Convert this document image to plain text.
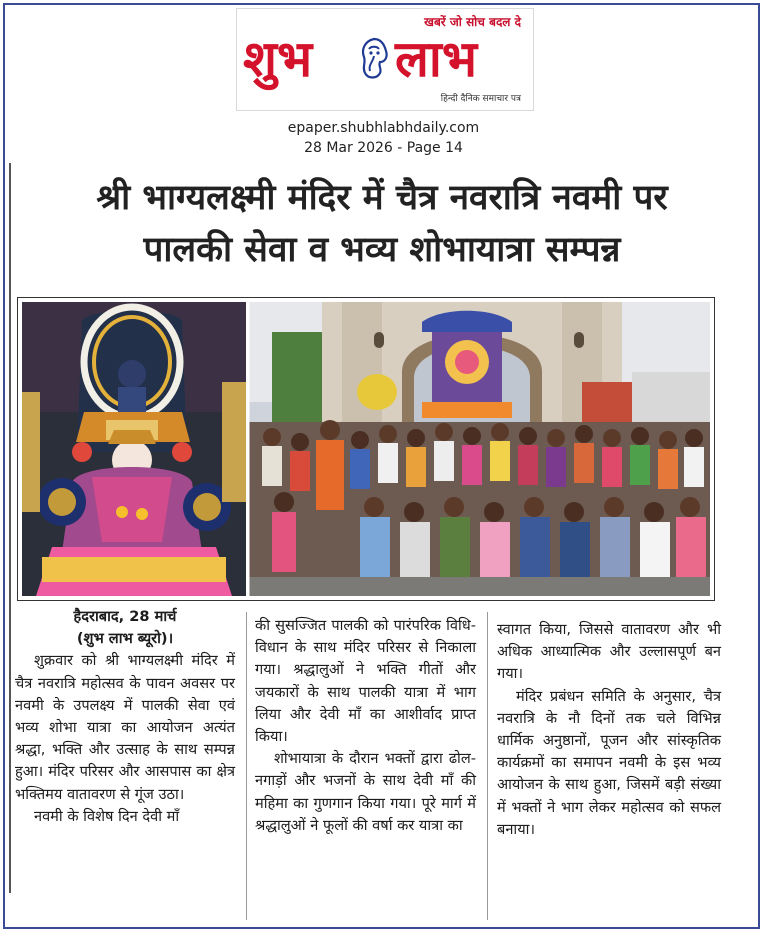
खबरें जो सोच बदल दे
शुभ लाभ
हिन्दी दैनिक समाचार पत्र
epaper.shubhlabhdaily.com
28 Mar 2026 - Page 14
श्री भाग्यलक्ष्मी मंदिर में चैत्र नवरात्रि नवमी पर
पालकी सेवा व भव्य शोभायात्रा सम्पन्न

हैदराबाद, 28 मार्च

(शुभ लाभ ब्यूरो)।

शुक्रवार को श्री भाग्यलक्ष्मी मंदिर में चैत्र नवरात्रि महोत्सव के पावन अवसर पर नवमी के उपलक्ष्य में पालकी सेवा एवं भव्य शोभा यात्रा का आयोजन अत्यंत श्रद्धा, भक्ति और उत्साह के साथ सम्पन्न हुआ। मंदिर परिसर और आसपास का क्षेत्र भक्तिमय वातावरण से गूंज उठा।

नवमी के विशेष दिन देवी माँ

की सुसज्जित पालकी को पारंपरिक विधि-विधान के साथ मंदिर परिसर से निकाला गया। श्रद्धालुओं ने भक्ति गीतों और जयकारों के साथ पालकी यात्रा में भाग लिया और देवी माँ का आशीर्वाद प्राप्त किया।

शोभायात्रा के दौरान भक्तों द्वारा ढोल-नगाड़ों और भजनों के साथ देवी माँ की महिमा का गुणगान किया गया। पूरे मार्ग में श्रद्धालुओं ने फूलों की वर्षा कर यात्रा का

स्वागत किया, जिससे वातावरण और भी अधिक आध्यात्मिक और उल्लासपूर्ण बन गया।

मंदिर प्रबंधन समिति के अनुसार, चैत्र नवरात्रि के नौ दिनों तक चले विभिन्न धार्मिक अनुष्ठानों, पूजन और सांस्कृतिक कार्यक्रमों का समापन नवमी के इस भव्य आयोजन के साथ हुआ, जिसमें बड़ी संख्या में भक्तों ने भाग लेकर महोत्सव को सफल बनाया।
